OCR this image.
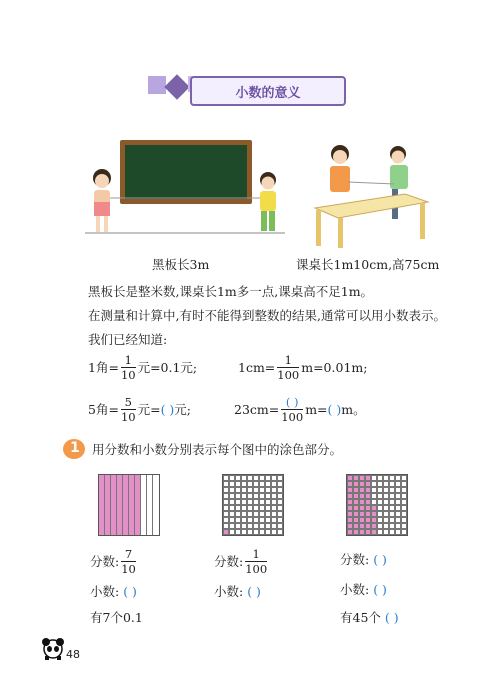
小数的意义
黑板长3m	课桌长1m10cm,高75cm
黑板长是整米数,课桌长1m多一点,课桌高不足1m。
在测量和计算中,有时不能得到整数的结果,通常可以用小数表示。
我们已经知道:
1角= $\frac{1}{10}$ 元=0.1元;	$1cm= \frac{1}{100} m=0.01m$;
5角= $\frac{5}{10}$ 元= ( ) 元;	$23cm= \frac{( )}{100} m=$ ( ) m。
1 用分数和小数分别表示每个图中的涂色部分。
分数: $\frac{7}{10}$
小数: ( )
有7个0.1
分数: $\frac{1}{100}$
小数: ( )
分数: ( )
小数: ( )
有45个 ( )
48
